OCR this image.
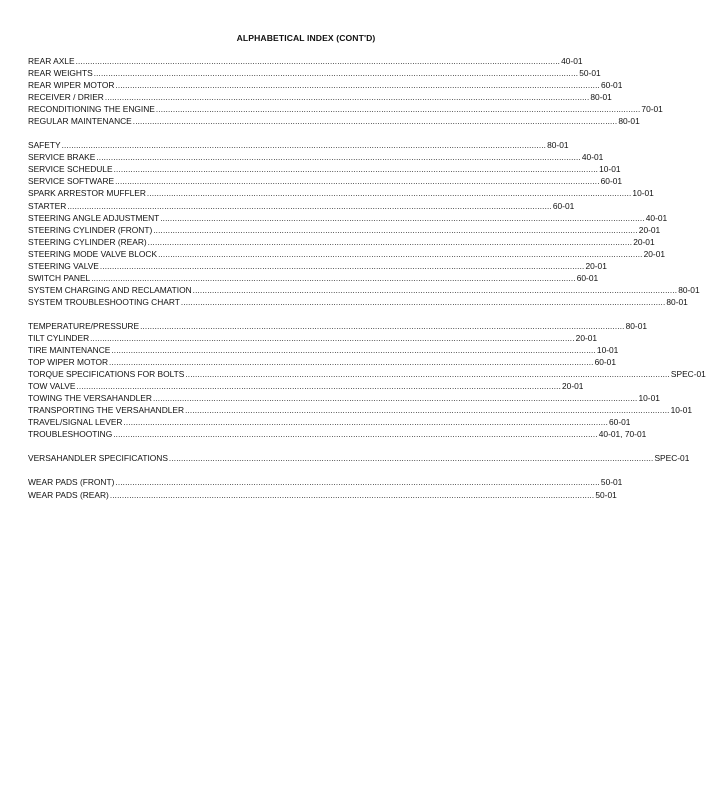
ALPHABETICAL INDEX (CONT'D)
REAR AXLE ........................................................................................................................................................................................................ 40-01
REAR WEIGHTS ........................................................................................................................................................................................................ 50-01
REAR WIPER MOTOR ........................................................................................................................................................................................................ 60-01
RECEIVER / DRIER ........................................................................................................................................................................................................ 80-01
RECONDITIONING THE ENGINE ........................................................................................................................................................................................................ 70-01
REGULAR MAINTENANCE ........................................................................................................................................................................................................ 80-01
SAFETY ........................................................................................................................................................................................................ 80-01
SERVICE BRAKE ........................................................................................................................................................................................................ 40-01
SERVICE SCHEDULE ........................................................................................................................................................................................................ 10-01
SERVICE SOFTWARE ........................................................................................................................................................................................................ 60-01
SPARK ARRESTOR MUFFLER ........................................................................................................................................................................................................ 10-01
STARTER ........................................................................................................................................................................................................ 60-01
STEERING ANGLE ADJUSTMENT ........................................................................................................................................................................................................ 40-01
STEERING CYLINDER (FRONT) ........................................................................................................................................................................................................ 20-01
STEERING CYLINDER (REAR) ........................................................................................................................................................................................................ 20-01
STEERING MODE VALVE BLOCK ........................................................................................................................................................................................................ 20-01
STEERING VALVE ........................................................................................................................................................................................................ 20-01
SWITCH PANEL ........................................................................................................................................................................................................ 60-01
SYSTEM CHARGING AND RECLAMATION ........................................................................................................................................................................................................ 80-01
SYSTEM TROUBLESHOOTING CHART ........................................................................................................................................................................................................ 80-01
TEMPERATURE/PRESSURE ........................................................................................................................................................................................................ 80-01
TILT CYLINDER ........................................................................................................................................................................................................ 20-01
TIRE MAINTENANCE ........................................................................................................................................................................................................ 10-01
TOP WIPER MOTOR ........................................................................................................................................................................................................ 60-01
TORQUE SPECIFICATIONS FOR BOLTS ........................................................................................................................................................................................................ SPEC-01
TOW VALVE ........................................................................................................................................................................................................ 20-01
TOWING THE VERSAHANDLER ........................................................................................................................................................................................................ 10-01
TRANSPORTING THE VERSAHANDLER ........................................................................................................................................................................................................ 10-01
TRAVEL/SIGNAL LEVER ........................................................................................................................................................................................................ 60-01
TROUBLESHOOTING ........................................................................................................................................................................................................ 40-01, 70-01
VERSAHANDLER SPECIFICATIONS ........................................................................................................................................................................................................ SPEC-01
WEAR PADS (FRONT) ........................................................................................................................................................................................................ 50-01
WEAR PADS (REAR) ........................................................................................................................................................................................................ 50-01
